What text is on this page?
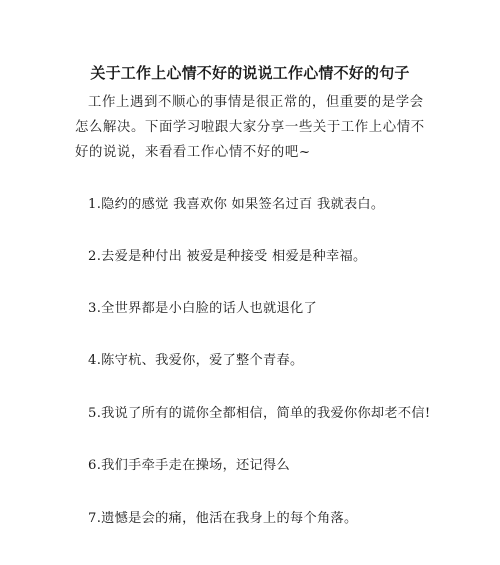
关于工作上心情不好的说说工作心情不好的句子
工作上遇到不顺心的事情是很正常的，但重要的是学会怎么解决。下面学习啦跟大家分享一些关于工作上心情不好的说说，来看看工作心情不好的吧~
1.隐约的感觉 我喜欢你 如果签名过百 我就表白。
2.去爱是种付出 被爱是种接受 相爱是种幸福。
3.全世界都是小白脸的话人也就退化了
4.陈守杭、我爱你，爱了整个青春。
5.我说了所有的谎你全都相信，简单的我爱你你却老不信!
6.我们手牵手走在操场，还记得么
7.遗憾是会的痛，他活在我身上的每个角落。
